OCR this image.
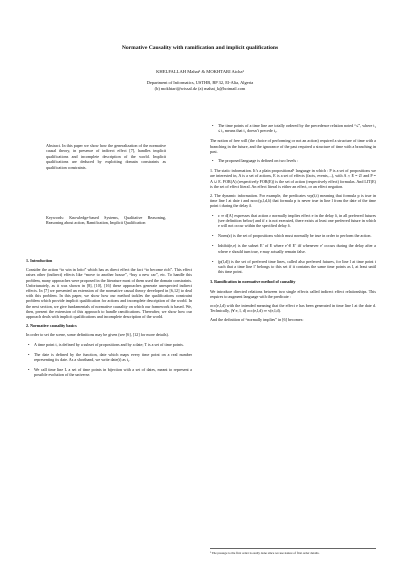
Normative Causality with ramification and implicit qualifications
KHELFALLAH Mahat¹ & MOKHTARI Aicha¹
Department of Informatics, USTHB, BP 32, El-Alia, Algeria
(b) mokhtari@wissal.dz (a) mahat_k@hotmail.com
Abstract. In this paper we show how the generalization of the normative causal theory, in presence of indirect effect [7], handles implicit qualifications and incomplete description of the world. Implicit qualifications are deduced by exploiting domain constraints as qualification constraints.
Keywords: Knowledge-based Systems, Qualitative Reasoning, Reasoning about action, Ramification, Implicit Qualification
1. Introduction
Consider the action “to win in lotto” which has as direct effect the fact “to become rich”. This effect raises other (indirect) effects like “move to another house”, “buy a new car”, etc. To handle this problem, many approaches were proposed in the literature most of them used the domain constraints. Unfortunately, as it was shown in [8], [10], [16] these approaches generate unexpected indirect effects. In [7] we presented an extension of the normative causal theory developed in [6,12] to deal with this problem. In this paper, we show how our method tackles the qualifications constraint problem which provide implicit qualification for actions and incomplete description of the world. In the next section, we give fundamentals of normative causality on which our framework is based. We, then, present the extension of this approach to handle ramifications. Thereafter, we show how our approach deals with implicit qualifications and incomplete description of the world.
2. Normative causality basics
In order to set the scene, some definitions may be given (see [6], [12] for more details).
• A time point t, is defined by a subset of propositions and by a date; T is a set of time points.
• The date is defined by the function, date which maps every time point on a real number representing its date. As a shorthand, we write date(t) as t₁.
• We call time line L a set of time points in bijection with a set of dates, meant to represent a possible evolution of the universe.
• The time points of a time line are totally ordered by the precedence relation noted “≤”, where t₁ ≤ t₂ means that t₁ doesn’t precede t₂.
The notion of free will (the choice of performing or not an action) required a structure of time with a branching in the future, and the ignorance of the past required a structure of time with a branching in past.
• The proposed language is defined on two levels :
1. The static information. It’s a plain propositional¹ language in which : P is a set of propositions we are interested in, A is a set of actions, E is a set of effects (facts, events,...), with A ∩ E = ∅ and P = A ∪ E. FOR(A) (respectively FOR(E)) is the set of action (respectively effect) formulas. And LIT(E) is the set of effect literal. An effect literal is either an effect, or an effect negation.
2. The dynamic information. For example, the predicates vrp(f,t) meaning that formula p is true in time line l at date t and nocc(p,l,d,δ) that formula p is never true in line l from the date of the time point t during the delay δ.
• ε ⇒ d[A] expresses that action ε normally implies effect e in the delay δ, in all preferred futures (see definition below) and if ε is not executed, there exists at least one preferred future in which e will not occur within the specified delay δ.
• Norm(ε) is the set of propositions which must normally be true in order to perform the action.
• Inhibit(e,e) is the subset E’ of E where e’∈ E’ iff whenever e’ occurs during the delay after a where e should turn true, e may actually remain false.
• (p(l,d)) is the set of preferred time lines, called also preferred futures, for line l at time point t such that a time line l’ belongs to this set if it contains the same time points as l, at least until this time point.
3. Ramification in normative method of causality
We introduce directed relations between two single effects called indirect effect relationships. This requires to augment language with the predicate :
occ(e,l,d) with the intended meaning that the effect e has been generated in time line l at the date d. Technically, (∀ e, l, d) occ(e,l,d) ⇒ v(e,l,d).
And the definition of “normally implies” in [6] becomes:
¹ The passage to the first order is easily done since we use nature of first order details.
